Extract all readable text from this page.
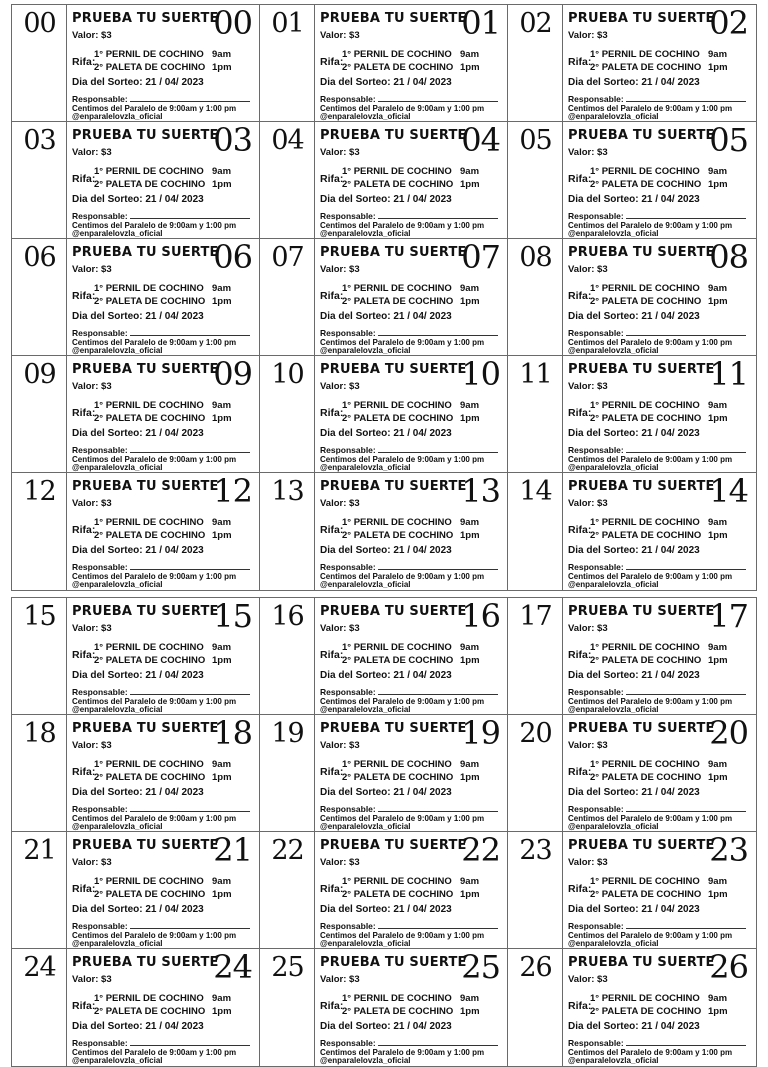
00	PRUEBA TU SUERTE
00
Valor: $3
Rifa:
1° PERNIL DE COCHINO 9am
2° PALETA DE COCHINO 1pm
Dia del Sorteo: 21 / 04/ 2023
Responsable:
Centimos del Paralelo de 9:00am y 1:00 pm
@enparalelovzla_oficial
01	PRUEBA TU SUERTE
01
Valor: $3
Rifa:
1° PERNIL DE COCHINO 9am
2° PALETA DE COCHINO 1pm
Dia del Sorteo: 21 / 04/ 2023
Responsable:
Centimos del Paralelo de 9:00am y 1:00 pm
@enparalelovzla_oficial
02	PRUEBA TU SUERTE
02
Valor: $3
Rifa:
1° PERNIL DE COCHINO 9am
2° PALETA DE COCHINO 1pm
Dia del Sorteo: 21 / 04/ 2023
Responsable:
Centimos del Paralelo de 9:00am y 1:00 pm
@enparalelovzla_oficial
03	PRUEBA TU SUERTE
03
Valor: $3
Rifa:
1° PERNIL DE COCHINO 9am
2° PALETA DE COCHINO 1pm
Dia del Sorteo: 21 / 04/ 2023
Responsable:
Centimos del Paralelo de 9:00am y 1:00 pm
@enparalelovzla_oficial
04	PRUEBA TU SUERTE
04
Valor: $3
Rifa:
1° PERNIL DE COCHINO 9am
2° PALETA DE COCHINO 1pm
Dia del Sorteo: 21 / 04/ 2023
Responsable:
Centimos del Paralelo de 9:00am y 1:00 pm
@enparalelovzla_oficial
05	PRUEBA TU SUERTE
05
Valor: $3
Rifa:
1° PERNIL DE COCHINO 9am
2° PALETA DE COCHINO 1pm
Dia del Sorteo: 21 / 04/ 2023
Responsable:
Centimos del Paralelo de 9:00am y 1:00 pm
@enparalelovzla_oficial
06	PRUEBA TU SUERTE
06
Valor: $3
Rifa:
1° PERNIL DE COCHINO 9am
2° PALETA DE COCHINO 1pm
Dia del Sorteo: 21 / 04/ 2023
Responsable:
Centimos del Paralelo de 9:00am y 1:00 pm
@enparalelovzla_oficial
07	PRUEBA TU SUERTE
07
Valor: $3
Rifa:
1° PERNIL DE COCHINO 9am
2° PALETA DE COCHINO 1pm
Dia del Sorteo: 21 / 04/ 2023
Responsable:
Centimos del Paralelo de 9:00am y 1:00 pm
@enparalelovzla_oficial
08	PRUEBA TU SUERTE
08
Valor: $3
Rifa:
1° PERNIL DE COCHINO 9am
2° PALETA DE COCHINO 1pm
Dia del Sorteo: 21 / 04/ 2023
Responsable:
Centimos del Paralelo de 9:00am y 1:00 pm
@enparalelovzla_oficial
09	PRUEBA TU SUERTE
09
Valor: $3
Rifa:
1° PERNIL DE COCHINO 9am
2° PALETA DE COCHINO 1pm
Dia del Sorteo: 21 / 04/ 2023
Responsable:
Centimos del Paralelo de 9:00am y 1:00 pm
@enparalelovzla_oficial
10	PRUEBA TU SUERTE
10
Valor: $3
Rifa:
1° PERNIL DE COCHINO 9am
2° PALETA DE COCHINO 1pm
Dia del Sorteo: 21 / 04/ 2023
Responsable:
Centimos del Paralelo de 9:00am y 1:00 pm
@enparalelovzla_oficial
11	PRUEBA TU SUERTE
11
Valor: $3
Rifa:
1° PERNIL DE COCHINO 9am
2° PALETA DE COCHINO 1pm
Dia del Sorteo: 21 / 04/ 2023
Responsable:
Centimos del Paralelo de 9:00am y 1:00 pm
@enparalelovzla_oficial
12	PRUEBA TU SUERTE
12
Valor: $3
Rifa:
1° PERNIL DE COCHINO 9am
2° PALETA DE COCHINO 1pm
Dia del Sorteo: 21 / 04/ 2023
Responsable:
Centimos del Paralelo de 9:00am y 1:00 pm
@enparalelovzla_oficial
13	PRUEBA TU SUERTE
13
Valor: $3
Rifa:
1° PERNIL DE COCHINO 9am
2° PALETA DE COCHINO 1pm
Dia del Sorteo: 21 / 04/ 2023
Responsable:
Centimos del Paralelo de 9:00am y 1:00 pm
@enparalelovzla_oficial
14	PRUEBA TU SUERTE
14
Valor: $3
Rifa:
1° PERNIL DE COCHINO 9am
2° PALETA DE COCHINO 1pm
Dia del Sorteo: 21 / 04/ 2023
Responsable:
Centimos del Paralelo de 9:00am y 1:00 pm
@enparalelovzla_oficial
15	PRUEBA TU SUERTE
15
Valor: $3
Rifa:
1° PERNIL DE COCHINO 9am
2° PALETA DE COCHINO 1pm
Dia del Sorteo: 21 / 04/ 2023
Responsable:
Centimos del Paralelo de 9:00am y 1:00 pm
@enparalelovzla_oficial
16	PRUEBA TU SUERTE
16
Valor: $3
Rifa:
1° PERNIL DE COCHINO 9am
2° PALETA DE COCHINO 1pm
Dia del Sorteo: 21 / 04/ 2023
Responsable:
Centimos del Paralelo de 9:00am y 1:00 pm
@enparalelovzla_oficial
17	PRUEBA TU SUERTE
17
Valor: $3
Rifa:
1° PERNIL DE COCHINO 9am
2° PALETA DE COCHINO 1pm
Dia del Sorteo: 21 / 04/ 2023
Responsable:
Centimos del Paralelo de 9:00am y 1:00 pm
@enparalelovzla_oficial
18	PRUEBA TU SUERTE
18
Valor: $3
Rifa:
1° PERNIL DE COCHINO 9am
2° PALETA DE COCHINO 1pm
Dia del Sorteo: 21 / 04/ 2023
Responsable:
Centimos del Paralelo de 9:00am y 1:00 pm
@enparalelovzla_oficial
19	PRUEBA TU SUERTE
19
Valor: $3
Rifa:
1° PERNIL DE COCHINO 9am
2° PALETA DE COCHINO 1pm
Dia del Sorteo: 21 / 04/ 2023
Responsable:
Centimos del Paralelo de 9:00am y 1:00 pm
@enparalelovzla_oficial
20	PRUEBA TU SUERTE
20
Valor: $3
Rifa:
1° PERNIL DE COCHINO 9am
2° PALETA DE COCHINO 1pm
Dia del Sorteo: 21 / 04/ 2023
Responsable:
Centimos del Paralelo de 9:00am y 1:00 pm
@enparalelovzla_oficial
21	PRUEBA TU SUERTE
21
Valor: $3
Rifa:
1° PERNIL DE COCHINO 9am
2° PALETA DE COCHINO 1pm
Dia del Sorteo: 21 / 04/ 2023
Responsable:
Centimos del Paralelo de 9:00am y 1:00 pm
@enparalelovzla_oficial
22	PRUEBA TU SUERTE
22
Valor: $3
Rifa:
1° PERNIL DE COCHINO 9am
2° PALETA DE COCHINO 1pm
Dia del Sorteo: 21 / 04/ 2023
Responsable:
Centimos del Paralelo de 9:00am y 1:00 pm
@enparalelovzla_oficial
23	PRUEBA TU SUERTE
23
Valor: $3
Rifa:
1° PERNIL DE COCHINO 9am
2° PALETA DE COCHINO 1pm
Dia del Sorteo: 21 / 04/ 2023
Responsable:
Centimos del Paralelo de 9:00am y 1:00 pm
@enparalelovzla_oficial
24	PRUEBA TU SUERTE
24
Valor: $3
Rifa:
1° PERNIL DE COCHINO 9am
2° PALETA DE COCHINO 1pm
Dia del Sorteo: 21 / 04/ 2023
Responsable:
Centimos del Paralelo de 9:00am y 1:00 pm
@enparalelovzla_oficial
25	PRUEBA TU SUERTE
25
Valor: $3
Rifa:
1° PERNIL DE COCHINO 9am
2° PALETA DE COCHINO 1pm
Dia del Sorteo: 21 / 04/ 2023
Responsable:
Centimos del Paralelo de 9:00am y 1:00 pm
@enparalelovzla_oficial
26	PRUEBA TU SUERTE
26
Valor: $3
Rifa:
1° PERNIL DE COCHINO 9am
2° PALETA DE COCHINO 1pm
Dia del Sorteo: 21 / 04/ 2023
Responsable:
Centimos del Paralelo de 9:00am y 1:00 pm
@enparalelovzla_oficial
